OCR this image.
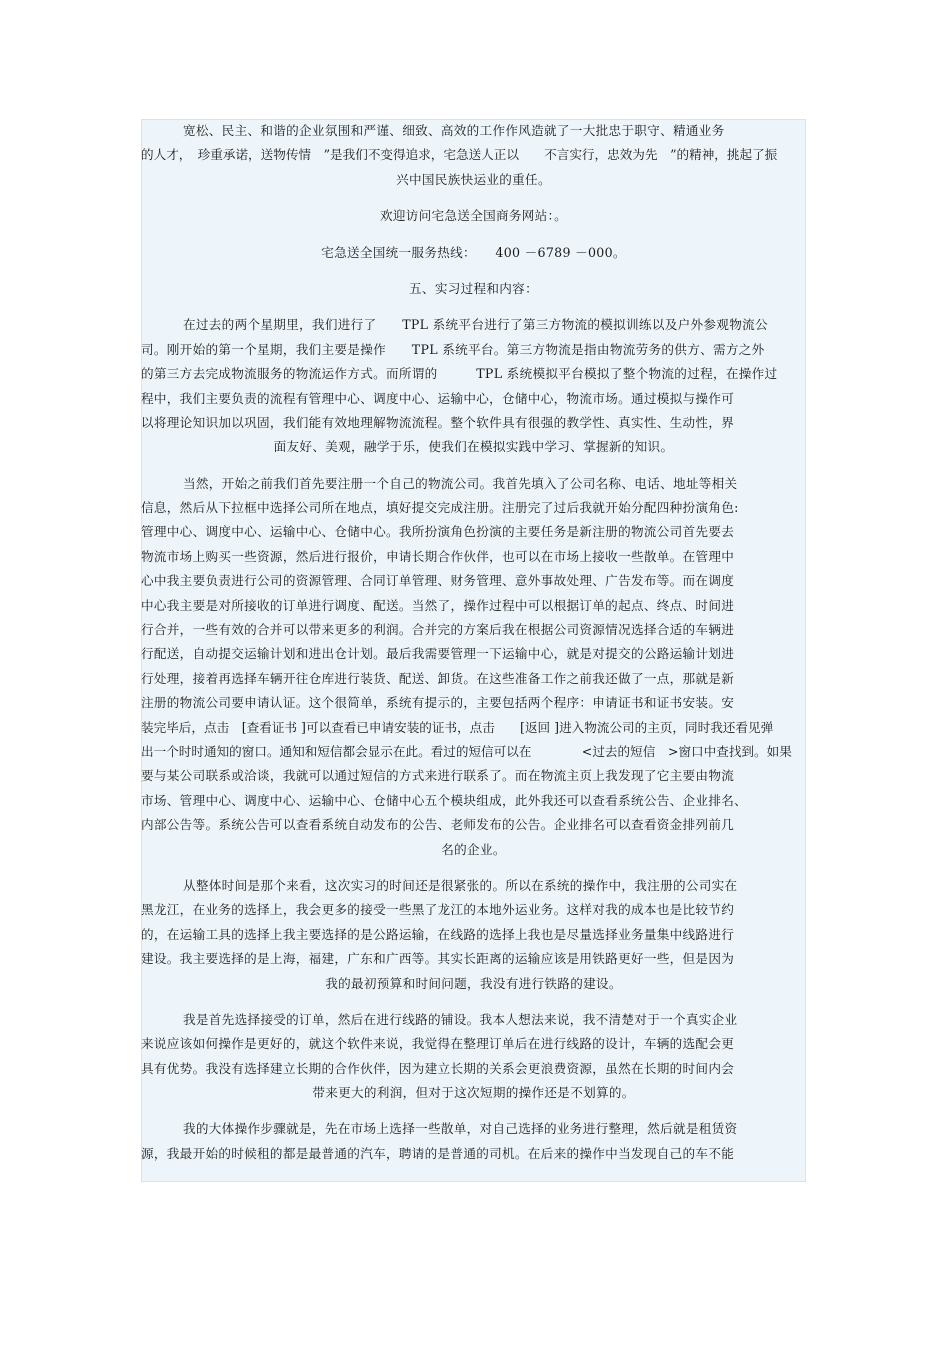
宽松、民主、和谐的企业氛围和严谨、细致、高效的工作作风造就了一大批忠于职守、精通业务
的人才，　珍重承诺，送物传情　”是我们不变得追求，宅急送人正以　　不言实行，忠效为先　”的精神，挑起了振
兴中国民族快运业的重任。
欢迎访问宅急送全国商务网站：。
宅急送全国统一服务热线：　　400 －6789 －000。
五、实习过程和内容：
在过去的两个星期里，我们进行了　　TPL 系统平台进行了第三方物流的模拟训练以及户外参观物流公
司。刚开始的第一个星期，我们主要是操作　　TPL 系统平台。第三方物流是指由物流劳务的供方、需方之外
的第三方去完成物流服务的物流运作方式。而所谓的　　　TPL 系统模拟平台模拟了整个物流的过程，在操作过
程中，我们主要负责的流程有管理中心、调度中心、运输中心，仓储中心，物流市场。通过模拟与操作可
以将理论知识加以巩固，我们能有效地理解物流流程。整个软件具有很强的教学性、真实性、生动性，界
面友好、美观，融学于乐，使我们在模拟实践中学习、掌握新的知识。
当然，开始之前我们首先要注册一个自己的物流公司。我首先填入了公司名称、电话、地址等相关
信息，然后从下拉框中选择公司所在地点，填好提交完成注册。注册完了过后我就开始分配四种扮演角色:
管理中心、调度中心、运输中心、仓储中心。我所扮演角色扮演的主要任务是新注册的物流公司首先要去
物流市场上购买一些资源，然后进行报价，申请长期合作伙伴，也可以在市场上接收一些散单。在管理中
心中我主要负责进行公司的资源管理、合同订单管理、财务管理、意外事故处理、广告发布等。而在调度
中心我主要是对所接收的订单进行调度、配送。当然了，操作过程中可以根据订单的起点、终点、时间进
行合并，一些有效的合并可以带来更多的利润。合并完的方案后我在根据公司资源情况选择合适的车辆进
行配送，自动提交运输计划和进出仓计划。最后我需要管理一下运输中心，就是对提交的公路运输计划进
行处理，接着再选择车辆开往仓库进行装货、配送、卸货。在这些准备工作之前我还做了一点，那就是新
注册的物流公司要申请认证。这个很简单，系统有提示的，主要包括两个程序：申请证书和证书安装。安
装完毕后，点击　[查看证书 ]可以查看已申请安装的证书，点击　　[返回 ]进入物流公司的主页，同时我还看见弹
出一个时时通知的窗口。通知和短信都会显示在此。看过的短信可以在　　　　<过去的短信　>窗口中查找到。如果
要与某公司联系或洽谈，我就可以通过短信的方式来进行联系了。而在物流主页上我发现了它主要由物流
市场、管理中心、调度中心、运输中心、仓储中心五个模块组成，此外我还可以查看系统公告、企业排名、
内部公告等。系统公告可以查看系统自动发布的公告、老师发布的公告。企业排名可以查看资金排列前几
名的企业。
从整体时间是那个来看，这次实习的时间还是很紧张的。所以在系统的操作中，我注册的公司实在
黑龙江，在业务的选择上，我会更多的接受一些黑了龙江的本地外运业务。这样对我的成本也是比较节约
的，在运输工具的选择上我主要选择的是公路运输，在线路的选择上我也是尽量选择业务量集中线路进行
建设。我主要选择的是上海，福建，广东和广西等。其实长距离的运输应该是用铁路更好一些，但是因为
我的最初预算和时间问题，我没有进行铁路的建设。
我是首先选择接受的订单，然后在进行线路的铺设。我本人想法来说，我不清楚对于一个真实企业
来说应该如何操作是更好的，就这个软件来说，我觉得在整理订单后在进行线路的设计，车辆的选配会更
具有优势。我没有选择建立长期的合作伙伴，因为建立长期的关系会更浪费资源，虽然在长期的时间内会
带来更大的利润，但对于这次短期的操作还是不划算的。
我的大体操作步骤就是，先在市场上选择一些散单，对自己选择的业务进行整理，然后就是租赁资
源，我最开始的时候租的都是最普通的汽车，聘请的是普通的司机。在后来的操作中当发现自己的车不能
